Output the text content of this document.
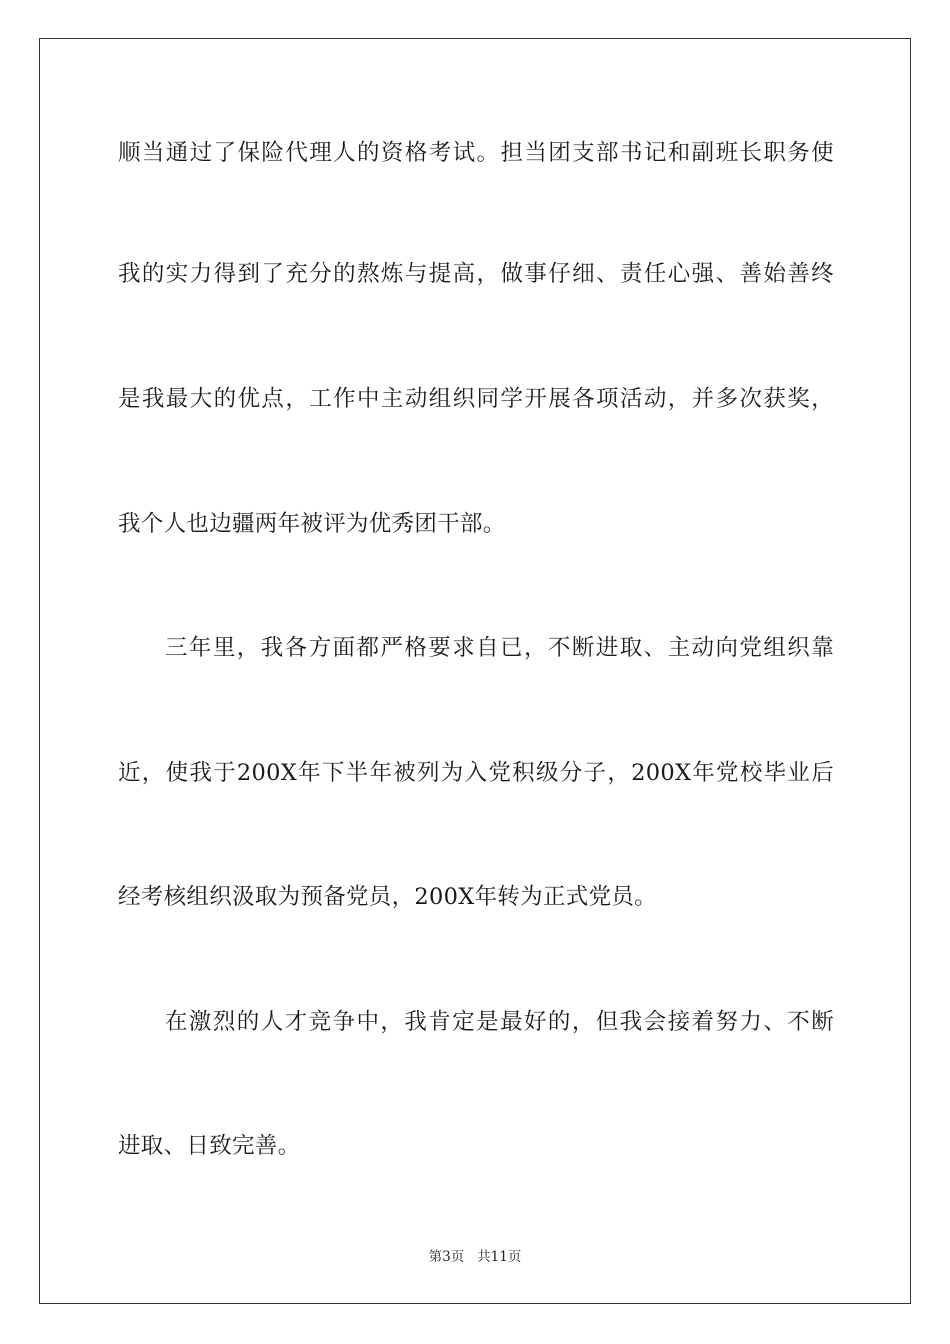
顺当通过了保险代理人的资格考试。担当团支部书记和副班长职务使
我的实力得到了充分的熬炼与提高，做事仔细、责任心强、善始善终
是我最大的优点，工作中主动组织同学开展各项活动，并多次获奖，
我个人也边疆两年被评为优秀团干部。
三年里，我各方面都严格要求自已，不断进取、主动向党组织靠
近，使我于200X年下半年被列为入党积级分子，200X年党校毕业后
经考核组织汲取为预备党员，200X年转为正式党员。
在激烈的人才竞争中，我肯定是最好的，但我会接着努力、不断
进取、日致完善。
第3页 共11页
